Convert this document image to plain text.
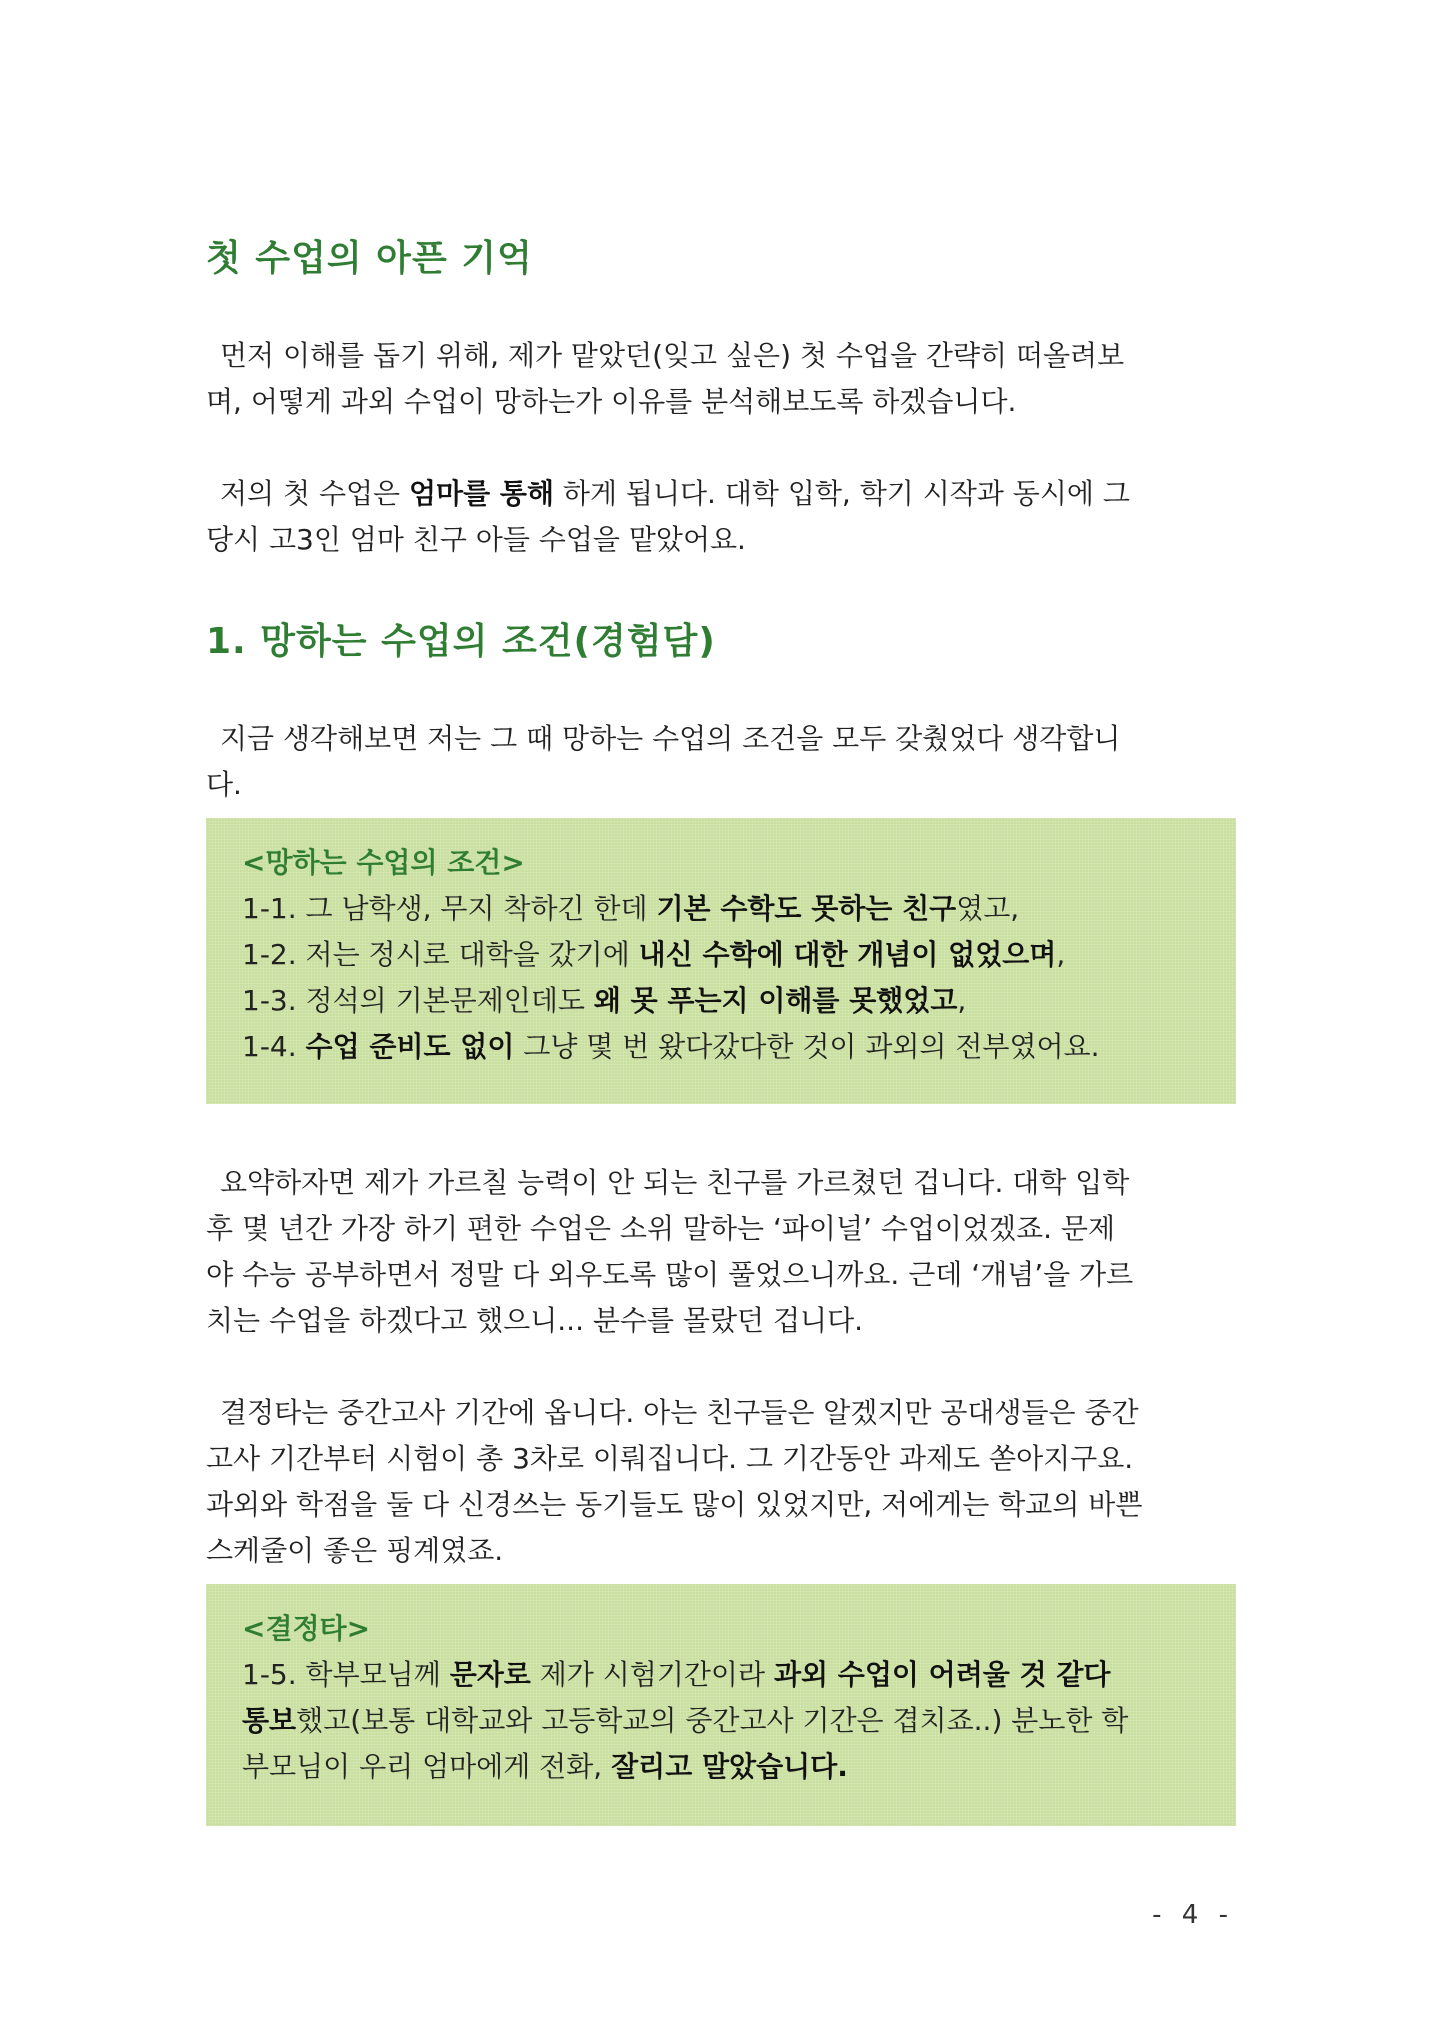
첫 수업의 아픈 기억

먼저 이해를 돕기 위해, 제가 맡았던(잊고 싶은) 첫 수업을 간략히 떠올려보
며, 어떻게 과외 수업이 망하는가 이유를 분석해보도록 하겠습니다.

저의 첫 수업은 엄마를 통해 하게 됩니다. 대학 입학, 학기 시작과 동시에 그
당시 고3인 엄마 친구 아들 수업을 맡았어요.

1. 망하는 수업의 조건(경험담)

지금 생각해보면 저는 그 때 망하는 수업의 조건을 모두 갖췄었다 생각합니
다.

<망하는 수업의 조건>

1-1. 그 남학생, 무지 착하긴 한데 기본 수학도 못하는 친구였고,

1-2. 저는 정시로 대학을 갔기에 내신 수학에 대한 개념이 없었으며,

1-3. 정석의 기본문제인데도 왜 못 푸는지 이해를 못했었고,

1-4. 수업 준비도 없이 그냥 몇 번 왔다갔다한 것이 과외의 전부였어요.

요약하자면 제가 가르칠 능력이 안 되는 친구를 가르쳤던 겁니다. 대학 입학
후 몇 년간 가장 하기 편한 수업은 소위 말하는 ‘파이널’ 수업이었겠죠. 문제
야 수능 공부하면서 정말 다 외우도록 많이 풀었으니까요. 근데 ‘개념’을 가르
치는 수업을 하겠다고 했으니... 분수를 몰랐던 겁니다.

결정타는 중간고사 기간에 옵니다. 아는 친구들은 알겠지만 공대생들은 중간
고사 기간부터 시험이 총 3차로 이뤄집니다. 그 기간동안 과제도 쏟아지구요.
과외와 학점을 둘 다 신경쓰는 동기들도 많이 있었지만, 저에게는 학교의 바쁜
스케줄이 좋은 핑계였죠.

<결정타>

1-5. 학부모님께 문자로 제가 시험기간이라 과외 수업이 어려울 것 같다

통보했고(보통 대학교와 고등학교의 중간고사 기간은 겹치죠..) 분노한 학

부모님이 우리 엄마에게 전화, 잘리고 말았습니다.

- 4 -
